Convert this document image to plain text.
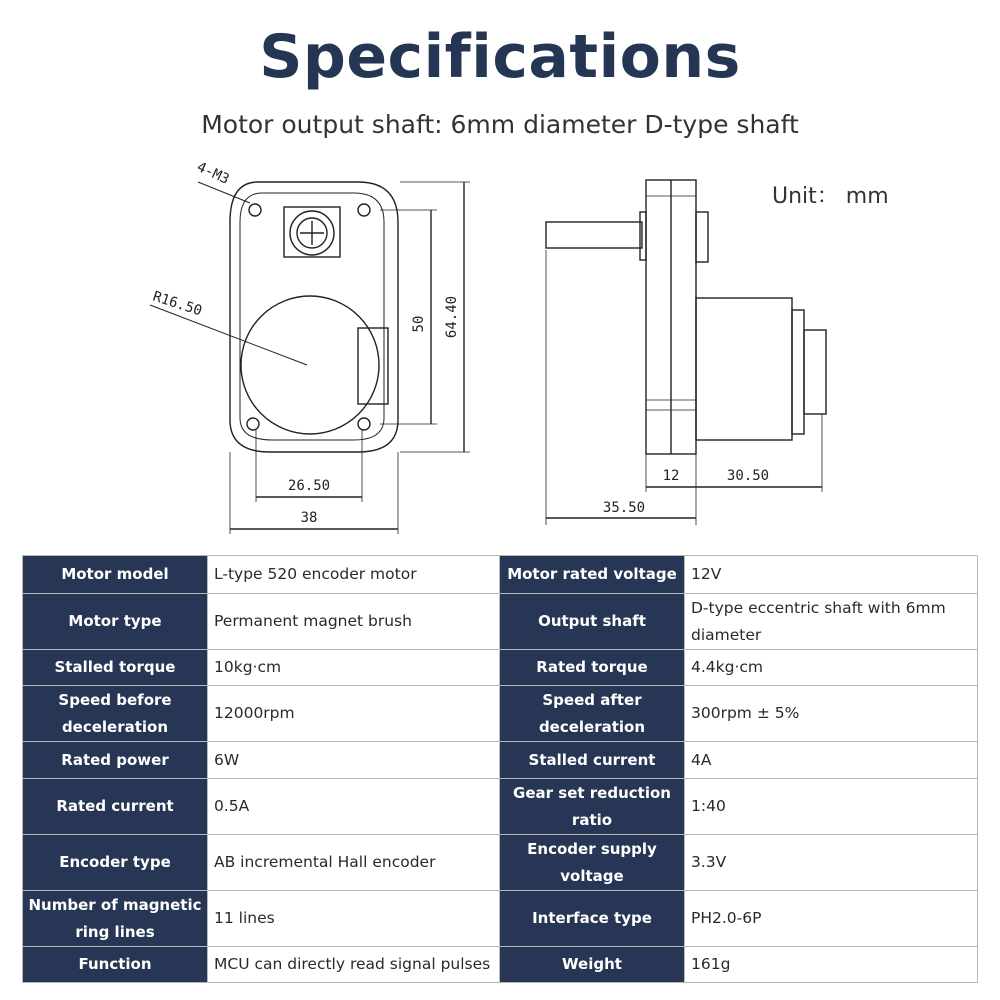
Specifications
Motor output shaft: 6mm diameter D-type shaft
Unit： mm
4-M3
R16.50
50 64.40
26.50
38
12	30.50
35.50
Motor model	L-type 520 encoder motor	Motor rated voltage	12V
Motor type	Permanent magnet brush	Output shaft	D-type eccentric shaft with 6mm diameter
Stalled torque	10kg·cm	Rated torque	4.4kg·cm
Speed before deceleration	12000rpm	Speed after deceleration	300rpm ± 5%
Rated power	6W	Stalled current	4A
Rated current	0.5A	Gear set reduction ratio	1:40
Encoder type	AB incremental Hall encoder	Encoder supply voltage	3.3V
Number of magnetic ring lines	11 lines	Interface type	PH2.0-6P
Function	MCU can directly read signal pulses	Weight	161g
